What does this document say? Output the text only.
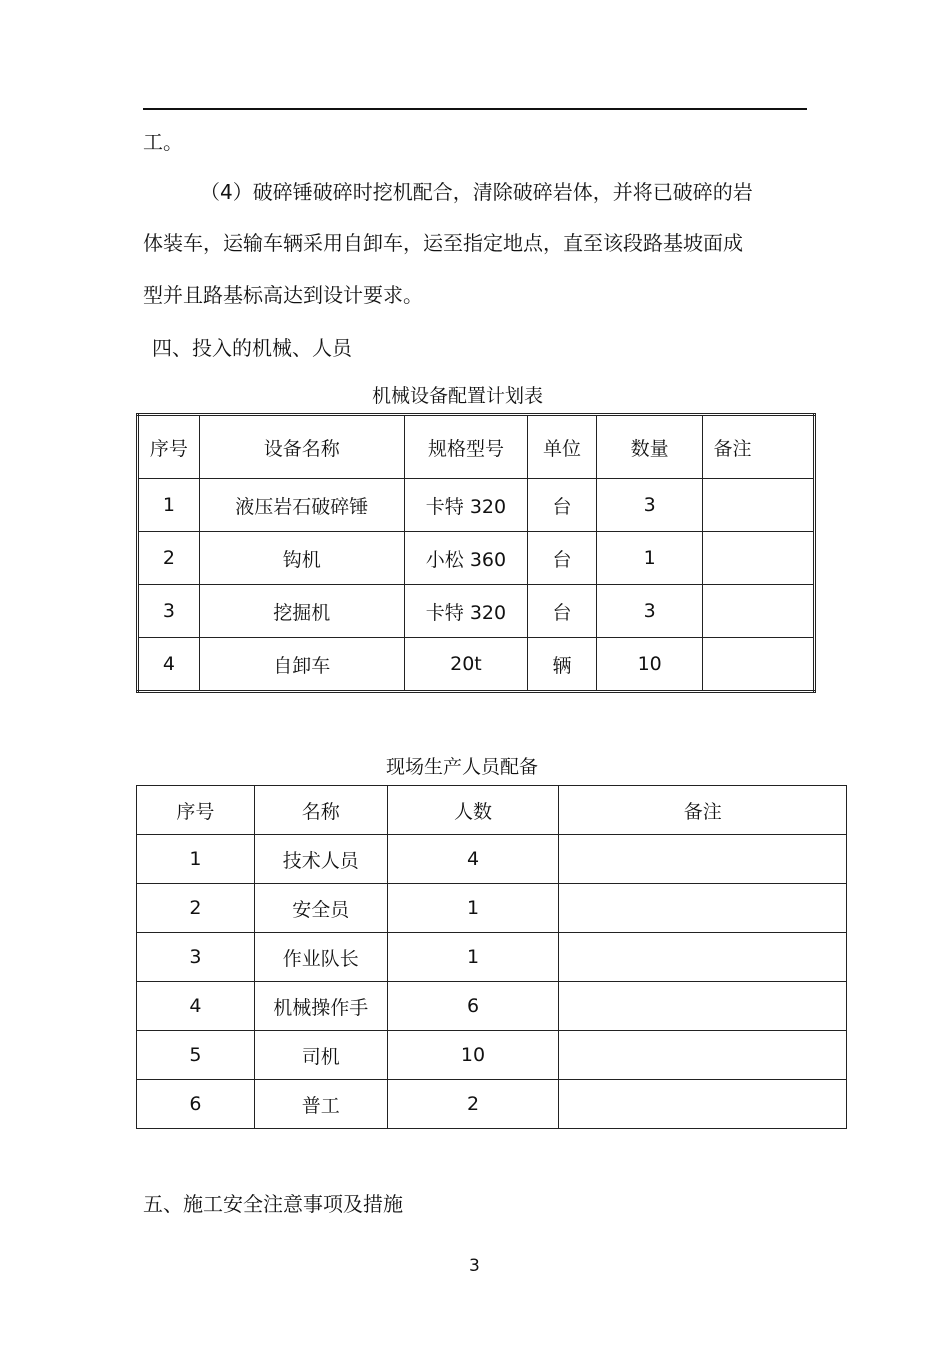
工。
（4）破碎锤破碎时挖机配合，清除破碎岩体，并将已破碎的岩
体装车，运输车辆采用自卸车，运至指定地点，直至该段路基坡面成
型并且路基标高达到设计要求。
四、投入的机械、人员
机械设备配置计划表
序号	设备名称	规格型号	单位	数量	备注
1	液压岩石破碎锤	卡特 320	台	3	
2	钩机	小松 360	台	1	
3	挖掘机	卡特 320	台	3	
4	自卸车	20t	辆	10	
现场生产人员配备
序号	名称	人数	备注
1	技术人员	4	
2	安全员	1	
3	作业队长	1	
4	机械操作手	6	
5	司机	10	
6	普工	2	
五、施工安全注意事项及措施
3
